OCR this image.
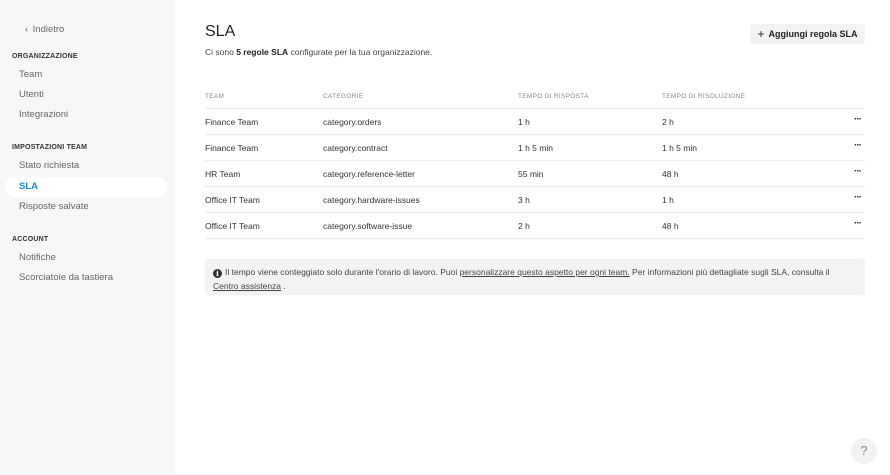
‹ Indietro
ORGANIZZAZIONE
Team
Utenti
Integrazioni
IMPOSTAZIONI TEAM
Stato richiesta
SLA
Risposte salvate
ACCOUNT
Notifiche
Scorciatoie da tastiera
SLA
Ci sono 5 regole SLA configurate per la tua organizzazione.
+ Aggiungi regola SLA
TEAM	CATEGORIE	TEMPO DI RISPOSTA	TEMPO DI RISOLUZIONE
Finance Team	category.orders	1 h	2 h	···
Finance Team	category.contract	1 h 5 min	1 h 5 min	···
HR Team	category.reference-letter	55 min	48 h	···
Office IT Team	category.hardware-issues	3 h	1 h	···
Office IT Team	category.software-issue	2 h	48 h	···
i Il tempo viene conteggiato solo durante l'orario di lavoro. Puoi personalizzare questo aspetto per ogni team. Per informazioni più dettagliate sugli SLA, consulta il Centro assistenza .
?
